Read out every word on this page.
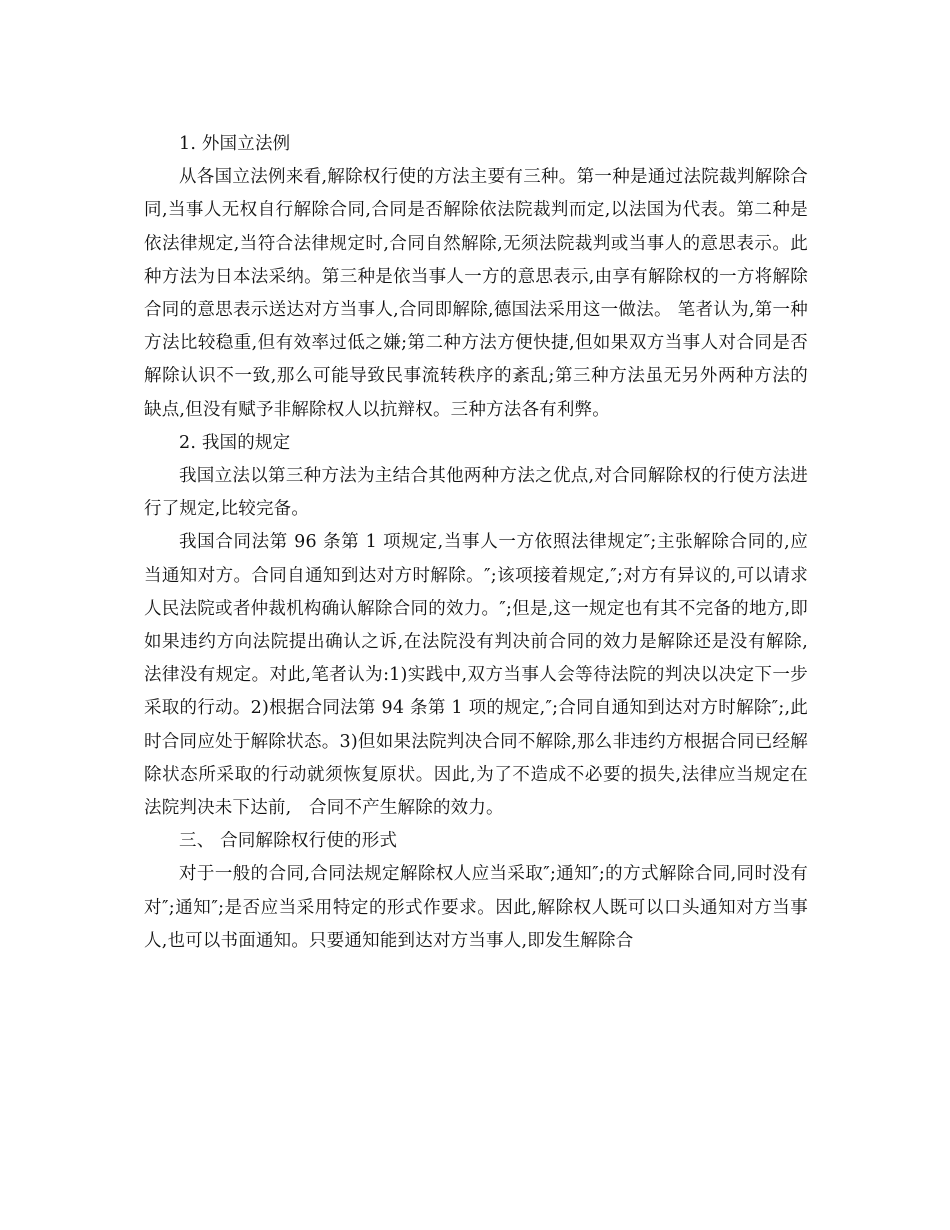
1. 外国立法例

从各国立法例来看,解除权行使的方法主要有三种。第一种是通过法院裁判解除合同,当事人无权自行解除合同,合同是否解除依法院裁判而定,以法国为代表。第二种是依法律规定,当符合法律规定时,合同自然解除,无须法院裁判或当事人的意思表示。此种方法为日本法采纳。第三种是依当事人一方的意思表示,由享有解除权的一方将解除合同的意思表示送达对方当事人,合同即解除,德国法采用这一做法。 笔者认为,第一种方法比较稳重,但有效率过低之嫌;第二种方法方便快捷,但如果双方当事人对合同是否解除认识不一致,那么可能导致民事流转秩序的紊乱;第三种方法虽无另外两种方法的缺点,但没有赋予非解除权人以抗辩权。三种方法各有利弊。

2. 我国的规定

我国立法以第三种方法为主结合其他两种方法之优点,对合同解除权的行使方法进行了规定,比较完备。

我国合同法第 96 条第 1 项规定,当事人一方依照法律规定″;主张解除合同的,应当通知对方。合同自通知到达对方时解除。″;该项接着规定,″;对方有异议的,可以请求人民法院或者仲裁机构确认解除合同的效力。″;但是,这一规定也有其不完备的地方,即如果违约方向法院提出确认之诉,在法院没有判决前合同的效力是解除还是没有解除,法律没有规定。对此,笔者认为:1)实践中,双方当事人会等待法院的判决以决定下一步采取的行动。2)根据合同法第 94 条第 1 项的规定,″;合同自通知到达对方时解除″;,此时合同应处于解除状态。3)但如果法院判决合同不解除,那么非违约方根据合同已经解除状态所采取的行动就须恢复原状。因此,为了不造成不必要的损失,法律应当规定在法院判决未下达前,　合同不产生解除的效力。

三、 合同解除权行使的形式

对于一般的合同,合同法规定解除权人应当采取″;通知″;的方式解除合同,同时没有对″;通知″;是否应当采用特定的形式作要求。因此,解除权人既可以口头通知对方当事人,也可以书面通知。只要通知能到达对方当事人,即发生解除合
